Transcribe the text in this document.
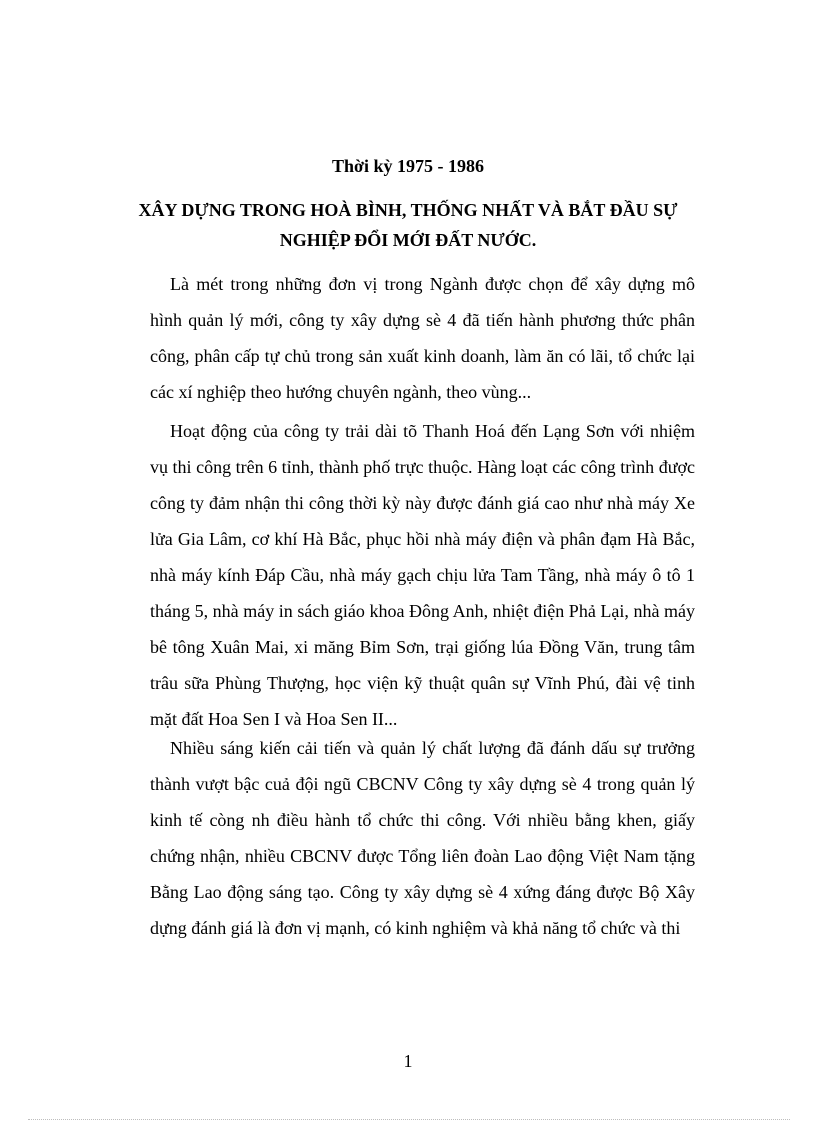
Thời kỳ 1975 - 1986
XÂY DỰNG TRONG HOÀ BÌNH, THỐNG NHẤT VÀ BẮT ĐẦU SỰ
NGHIỆP ĐỔI MỚI ĐẤT NƯỚC.

Là mét trong những đơn vị trong Ngành được chọn để xây dựng mô hình quản lý mới, công ty xây dựng sè 4 đã tiến hành phương thức phân công, phân cấp tự chủ trong sản xuất kinh doanh, làm ăn có lãi, tổ chức lại các xí nghiệp theo hướng chuyên ngành, theo vùng...

Hoạt động của công ty trải dài tõ Thanh Hoá đến Lạng Sơn với nhiệm vụ thi công trên 6 tỉnh, thành phố trực thuộc. Hàng loạt các công trình được công ty đảm nhận thi công thời kỳ này được đánh giá cao như nhà máy Xe lửa Gia Lâm, cơ khí Hà Bắc, phục hồi nhà máy điện và phân đạm Hà Bắc, nhà máy kính Đáp Cầu, nhà máy gạch chịu lửa Tam Tầng, nhà máy ô tô 1 tháng 5, nhà máy in sách giáo khoa Đông Anh, nhiệt điện Phả Lại, nhà máy bê tông Xuân Mai, xi măng Bỉm Sơn, trại giống lúa Đồng Văn, trung tâm trâu sữa Phùng Thượng, học viện kỹ thuật quân sự Vĩnh Phú, đài vệ tinh mặt đất Hoa Sen I và Hoa Sen II...

Nhiều sáng kiến cải tiến và quản lý chất lượng đã đánh dấu sự trưởng thành vượt bậc cuả đội ngũ CBCNV Công ty xây dựng sè 4 trong quản lý kinh tế còng nh điều hành tổ chức thi công. Với nhiều bằng khen, giấy chứng nhận, nhiều CBCNV được Tổng liên đoàn Lao động Việt Nam tặng Bằng Lao động sáng tạo. Công ty xây dựng sè 4 xứng đáng được Bộ Xây dựng đánh giá là đơn vị mạnh, có kinh nghiệm và khả năng tổ chức và thi

1
